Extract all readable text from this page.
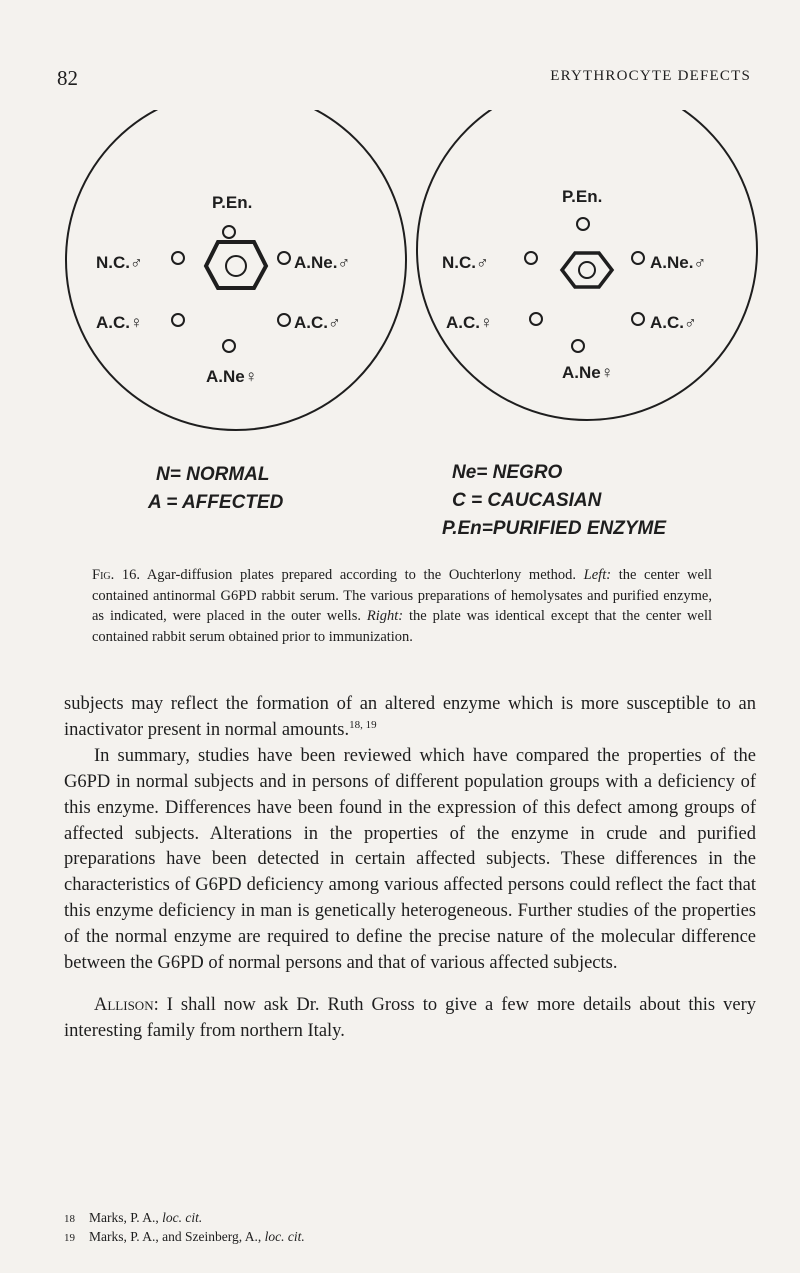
82	ERYTHROCYTE DEFECTS
P.En.
N.C.♂	A.Ne.♂
A.C.♀	A.C.♂
A.Ne♀
P.En.
N.C.♂	A.Ne.♂
A.C.♀	A.C.♂
A.Ne♀
N= NORMAL
A = AFFECTED
Ne= NEGRO
C = CAUCASIAN
P.En=PURIFIED ENZYME
Fig. 16. Agar-diffusion plates prepared according to the Ouchterlony method. Left: the center well contained antinormal G6PD rabbit serum. The various preparations of hemolysates and purified enzyme, as indicated, were placed in the outer wells. Right: the plate was identical except that the center well contained rabbit serum obtained prior to immunization.

subjects may reflect the formation of an altered enzyme which is more susceptible to an inactivator present in normal amounts.$^{18, 19}$

In summary, studies have been reviewed which have compared the properties of the G6PD in normal subjects and in persons of different population groups with a deficiency of this enzyme. Differences have been found in the expression of this defect among groups of affected subjects. Alterations in the properties of the enzyme in crude and purified preparations have been detected in certain affected subjects. These differences in the characteristics of G6PD deficiency among various affected persons could reflect the fact that this enzyme deficiency in man is genetically heterogeneous. Further studies of the properties of the normal enzyme are required to define the precise nature of the molecular difference between the G6PD of normal persons and that of various affected subjects.

Allison: I shall now ask Dr. Ruth Gross to give a few more details about this very interesting family from northern Italy.

18 Marks, P. A., loc. cit.
19 Marks, P. A., and Szeinberg, A., loc. cit.
